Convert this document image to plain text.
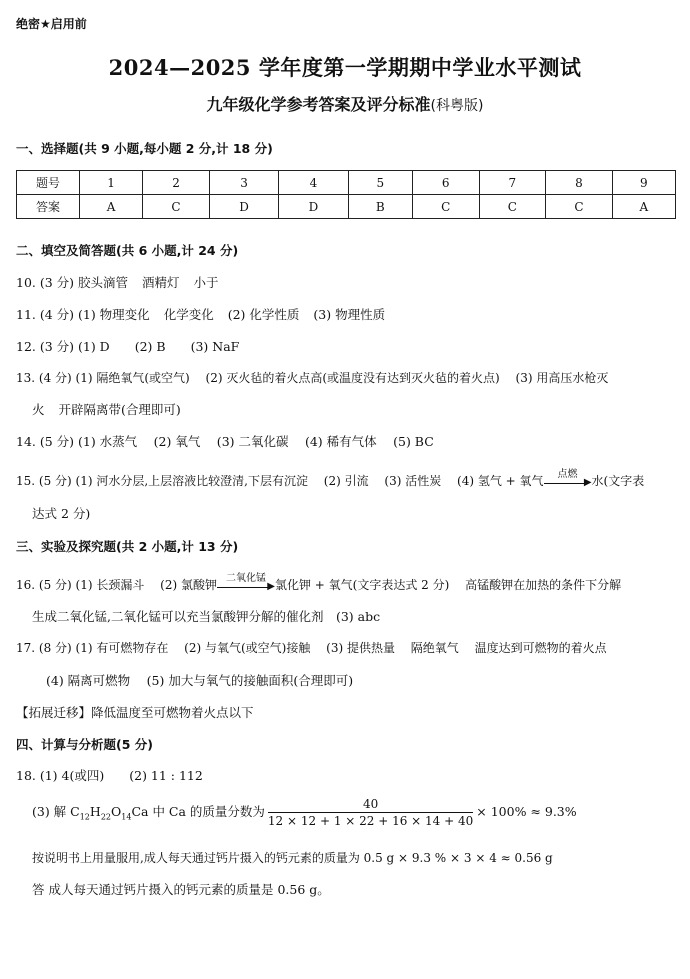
绝密★启用前
2024—2025 学年度第一学期期中学业水平测试
九年级化学参考答案及评分标准(科粤版)
一、选择题(共 9 小题,每小题 2 分,计 18 分)
题号	1	2	3	4	5	6	7	8	9
答案	A	C	D	D	B	C	C	C	A
二、填空及简答题(共 6 小题,计 24 分)
10. (3 分) 胶头滴管 酒精灯 小于
11. (4 分) (1) 物理变化 化学变化 (2) 化学性质 (3) 物理性质
12. (3 分) (1) D　　(2) B　　(3) NaF
13. (4 分) (1) 隔绝氧气(或空气)　 (2) 灭火毡的着火点高(或温度没有达到灭火毡的着火点)　 (3) 用高压水枪灭
火 开辟隔离带(合理即可)
14. (5 分) (1) 水蒸气　 (2) 氧气　 (3) 二氧化碳　 (4) 稀有气体　 (5) BC
15. (5 分) (1) 河水分层,上层溶液比较澄清,下层有沉淀　 (2) 引流　 (3) 活性炭　 (4) 氢气 + 氧气	点燃
▶ 水(文字表
达式 2 分)
三、实验及探究题(共 2 小题,计 13 分)
16. (5 分) (1) 长颈漏斗　 (2) 氯酸钾 二氧化锰
▶ 氯化钾 + 氧气(文字表达式 2 分)　 高锰酸钾在加热的条件下分解
生成二氧化锰,二氧化锰可以充当氯酸钾分解的催化剂　(3) abc
17. (8 分) (1) 有可燃物存在　 (2) 与氧气(或空气)接触　 (3) 提供热量　 隔绝氧气　 温度达到可燃物的着火点
(4) 隔离可燃物　 (5) 加大与氧气的接触面积(合理即可)
【拓展迁移】降低温度至可燃物着火点以下
四、计算与分析题(5 分)
18. (1) 4(或四)　　(2) 11 : 112
(3) 解 $C_{12}H_{22}O_{14}Ca$ 中 Ca 的质量分数为 $\frac{40}{12 \times 12 + 1 \times 22 + 16 \times 14 + 40} \times 100\% \approx 9.3\%$
按说明书上用量服用,成人每天通过钙片摄入的钙元素的质量为 0.5 g × 9.3 % × 3 × 4 ≈ 0.56 g
答 成人每天通过钙片摄入的钙元素的质量是 0.56 g。
